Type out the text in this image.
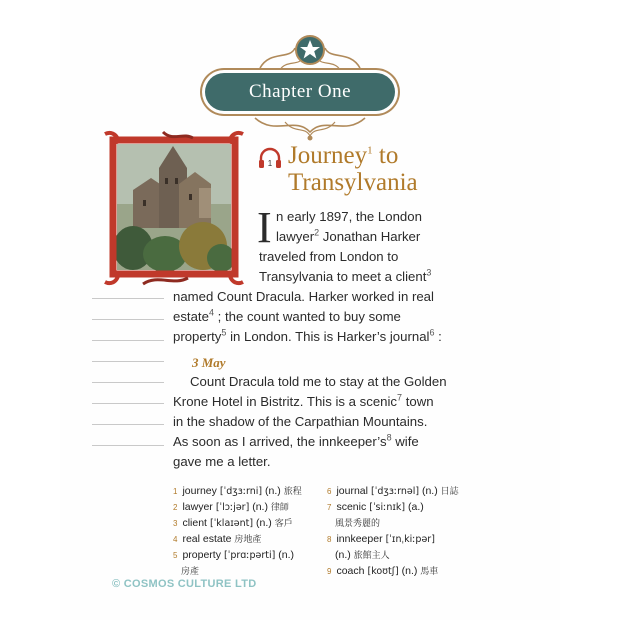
Chapter One
1 Journey$^1$ to
Transylvania
I n early 1897, the London
lawyer$^2$ Jonathan Harker
traveled from London to
Transylvania to meet a client$^3$
named Count Dracula. Harker worked in real
estate$^4$ ; the count wanted to buy some
property$^5$ in London. This is Harker’s journal$^6$ :
3 May
Count Dracula told me to stay at the Golden
Krone Hotel in Bistritz. This is a scenic$^7$ town
in the shadow of the Carpathian Mountains.
As soon as I arrived, the $innkeeper’s^8$ wife
gave me a letter.
1 journey [ˈdʒɜːrni] (n.) 旅程
2 lawyer [ˈlɔːjər] (n.) 律師
3 client [ˈklaɪənt] (n.) 客戶
4 real estate 房地產
5 property [ˈprɑːpərti] (n.)
房產
6 journal [ˈdʒɜːrnəl] (n.) 日誌
7 scenic [ˈsiːnɪk] (a.)
風景秀麗的
8 innkeeper [ˈɪnˌkiːpər]
(n.) 旅館主人
9 coach [koʊtʃ] (n.) 馬車
© COSMOS CULTURE LTD
